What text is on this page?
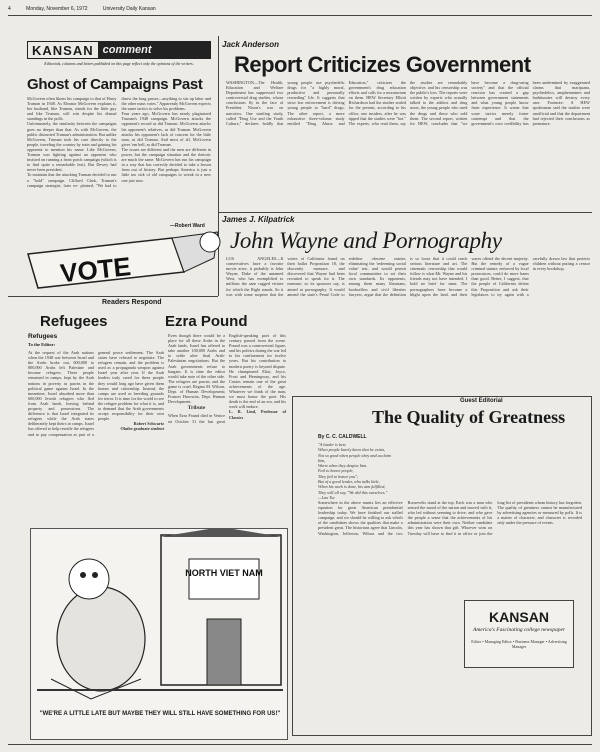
4	Monday, November 6, 1972	University Daily Kansan
KANSAN comment
Editorials, columns and letters published on this page reflect only the opinions of the writers.
Ghost of Campaigns Past

McGovern often likens his campaign to that of Harry Truman in 1948. As Eleanor McGovern explains it, her husband, like Truman, stands for the little guy and like Truman, will win despite his dismal standings in the polls.

Unfortunately, the similarity between the campaigns goes no deeper than that. As with McGovern, the public distrusted Truman's administration. But unlike McGovern, Truman took his case directly to the people, traveling the country by train and gaining his opponent to mention his name. Like McGovern, Truman was fighting against an opponent who insisted on running a front porch campaign (which is to find quite a remarkable feat). But Dewey had never been president.

To maintain that the attacking Truman decided to run a "bold" campaign. Clifford Clark, Truman's campaign strategist, later ex- plained, "We had to throw the long passes—anything to stir up labor and the other mass votes." Apparently McGovern expects the same tactics to solve his problems.

Four years ago, McGovern has nearly plagiarized Truman's 1948 campaign. McGovern attacks the opponent's record as did Truman. McGovern attacks his opponent's relatives, as did Truman. McGovern attacks his opponent's lack of concern for the little man, as did Truman. And most of all, McGovern gives 'em hell, as did Truman.

The issues are different and the men are different in power, but the campaign situation and the rhetoric are much the same. McGovern has run his campaign in a way that has correctly decided to take a lesson from out of history. But perhaps America is just a little too sick of old campaigns to wreak in a new one just now.

—Robert Ward
Jack Anderson
Report Criticizes Government

WASHINGTON—The Health, Education and Welfare Department has suppressed two controversial drug studies, whose conclusions fly in the face of President Nixon's war on narcotics. One startling study, called "Drug Use and the Youth Culture," declares boldly that young people use psychedelic drugs for "a highly moral, productive and personally rewarding" life. It suggests that strict law enforcement is driving young people to "hard" drugs. The other report, a more exhaustive three-volume study entitled "Drug Abuse and Education," criticizes the government's drug education efforts and calls for a moratorium on them. HEW Secretary Elliott Richardson had the studies sealed for the present, according to his office, one insiders, after he was tipped that the studies were "hot." The experts, who read them, say the studies are remarkably objective, and his censorship was the public's loss. The reports were written by experts who actually talked to the addicts and drug users, the young people who used the drugs and those who sold them. The second report, written for HEW, concludes that "we have become a drug-using society" and that the official reaction has created a gap between government statements and what young people know from experience. It warns that scare tactics merely foster contempt and that the government's own credibility has been undermined by exaggerated claims that marijuana, psychedelics, amphetamines and barbiturates will destroy every user. Footnote: A HEW spokesman said the studies were unofficial and that the department had rejected their conclusions as premature.

James J. Kilpatrick
John Wayne and Pornography

LOS ANGELES—If conservatives have a favorite movie actor, it probably is John Wayne, Duke of the untamed West, who has exemplified to millions the sane rugged virtues for which the Right stands. So it was with some surprise that the voters of California found on their ballot Proposition 18, the obscenity measure, and discovered that Wayne had been recruited to speak for it. The measure, so its sponsors say, is aimed at pornography. It would amend the state's Penal Code to redefine obscene matter, eliminating the 'redeeming social value' test, and would permit local communities to set their own standards. Its opponents, among them many librarians, booksellers and civil liberties lawyers, argue that the definition is so loose that it could reach serious literature and art. The cinematic censorship that would follow is what Mr. Wayne and his friends may not have intended. I hold no brief for smut. The pornographers have become a blight upon the land, and their wares offend the decent majority. But the remedy of a vague criminal statute, enforced by local prosecutors, could do more harm than good. Better, I suggest, that the people of California defeat this Proposition and ask their legislators to try again with a carefully drawn law that protects children without putting a censor in every bookshop.

VOTE
Readers Respond
Refugees
Refugees
To the Editor:

At the request of the Arab nations when the 1948 war between Israel and the Arabs broke out, 600,000 to 800,000 Arabs left Palestine and became refugees. These people remained in camps, kept by the Arab nations in poverty as pawns in the political game against Israel. In the meantime, Israel absorbed more than 600,000 Jewish refugees who fled from Arab lands, leaving behind property and possessions. The difference is that Israel integrated its refugees while the Arab states deliberately kept theirs in camps. Israel has offered to help resettle the refugees and to pay compensation as part of a general peace settlement. The Arab states have refused to negotiate. The refugees remain, and the problem is used as a propaganda weapon against Israel year after year. If the Arab leaders truly cared for these people they would long ago have given them homes and citizenship. Instead, the camps are used as breeding grounds for terror. It is time for the world to see the refugee problem for what it is, and to demand that the Arab governments accept responsibility for their own people.

Robert Schwartz
Olathe graduate student

Ezra Pound

Even though there would be a place for all these Arabs in the Arab lands, Israel has offered to take another 100,000 Arabs and to settle after final Arab-Palestinian negotiations. But the Arab governments refuse to bargain. It is time the editor would take note of the other side. The refugees are pawns, and the game is cruel. Regina M. Wilson, Dept. of Human Development; Frances Horowitz, Dept. Human Development.

Tribute

When Ezra Pound died in Venice on October 31 the last great English-speaking poet of this century passed from the scene. Pound was a controversial figure, and his politics during the war led to his confinement for twelve years. But his contribution to modern poetry is beyond dispute. He championed Eliot, Joyce, Frost and Hemingway, and his Cantos remain one of the great achievements of the age. Whatever we think of the man, we must honor the poet. His death is the end of an era, and his work will endure.

L. R. Lind, Professor of Classics

Guest Editorial
The Quality of Greatness
By C. C. CALDWELL
"A leader is best
When people barely know that he exists,
Not so good when people obey and acclaim him,
Worst when they despise him.
Fail to honor people,
They fail to honor you";
But of a good leader, who talks little,
When his work is done, his aim fulfilled,
They will all say, "We did this ourselves."
—Lao Tse

Somewhere in the above matrix lies an effective equation for great American presidential leadership today. We have finished our stalled campaign, and we should be willing to ask which of the candidates shows the qualities that make a president great. The historians agree that Lincoln, Washington, Jefferson, Wilson and the two Roosevelts stand at the top. Each was a man who sensed the mood of the nation and moved with it, who led without seeming to drive, and who gave the people a sense that the achievements of his administration were their own. Neither candidate this year has shown that gift. Whoever wins on Tuesday will have to find it in office or join the long list of presidents whom history has forgotten. The quality of greatness cannot be manufactured by advertising agencies or measured by polls. It is a matter of character, and character is revealed only under the pressure of events.

NORTH VIET NAM
"WE'RE A LITTLE LATE BUT MAYBE THEY WILL STILL HAVE SOMETHING FOR US!"
KANSAN
America's Fascinating college newspaper
Editor • Managing Editor • Business Manager • Advertising Manager
